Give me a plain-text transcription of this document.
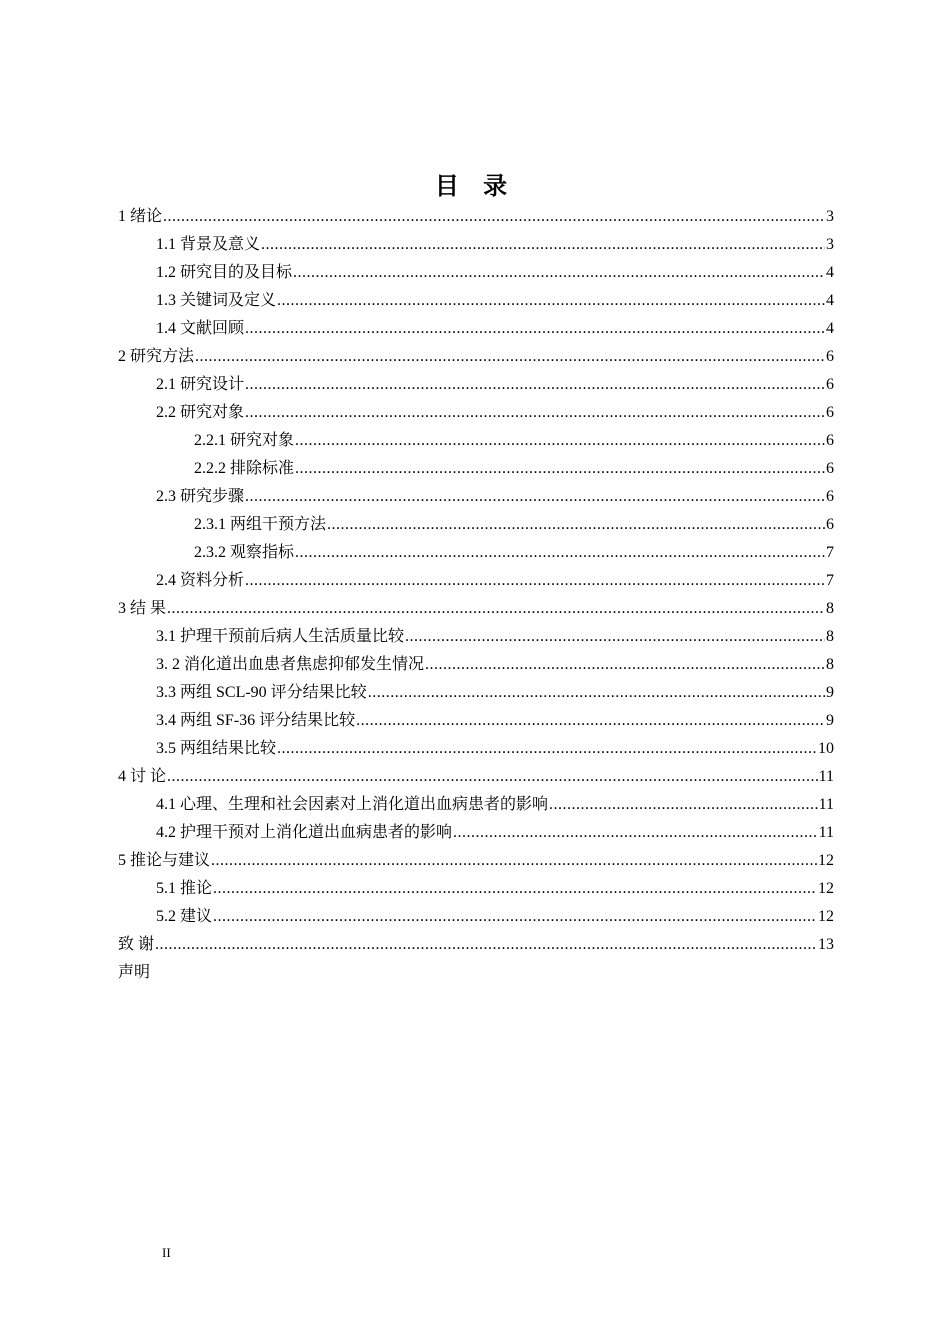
目 录
1 绪论 .....	3
1.1 背景及意义 .....	3
1.2 研究目的及目标 .....	4
1.3 关键词及定义 .....	4
1.4 文献回顾 .....	4
2 研究方法 .....	6
2.1 研究设计 .....	6
2.2 研究对象 .....	6
2.2.1 研究对象 .....	6
2.2.2 排除标准 .....	6
2.3 研究步骤 .....	6
2.3.1 两组干预方法 .....	6
2.3.2 观察指标 .....	7
2.4 资料分析 .....	7
3 结 果 .....	8
3.1 护理干预前后病人生活质量比较 .....	8
3. 2 消化道出血患者焦虑抑郁发生情况 .....	8
3.3 两组 SCL-90 评分结果比较 .....	9
3.4 两组 SF-36 评分结果比较 .....	9
3.5 两组结果比较 .....	10
4 讨 论 .....	11
4.1 心理、生理和社会因素对上消化道出血病患者的影响 .....	11
4.2 护理干预对上消化道出血病患者的影响 .....	11
5 推论与建议 .....	12
5.1 推论 .....	12
5.2 建议 .....	12
致 谢 .....	13
声明
II
